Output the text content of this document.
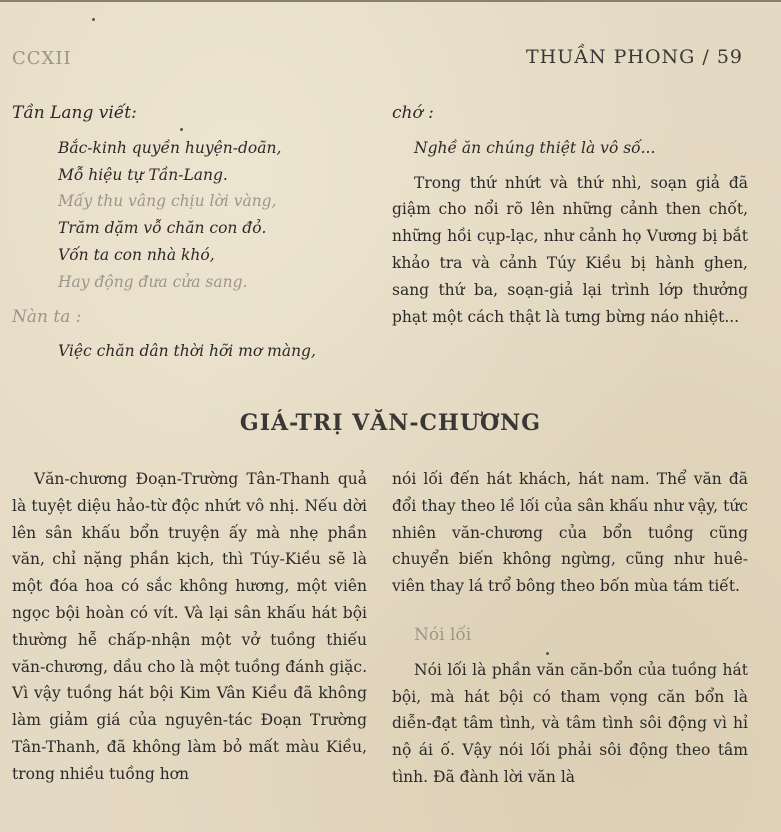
CCXII	THUẦN PHONG / 59

Tần Lang viết:

Bắc-kinh quyền huyện-doãn,

Mỗ hiệu tự Tần-Lang.

Mấy thu vâng chịu lời vàng,

Trăm dặm vỗ chăn con đỏ.

Vốn ta con nhà khó,

Hay động đưa cửa sang.

Nàn ta :

Việc chăn dân thời hỡi mơ màng,

chớ :

Nghề ăn chúng thiệt là vô số...

Trong thứ nhứt và thứ nhì, soạn giả đã giậm cho nổi rõ lên những cảnh then chốt, những hồi cụp-lạc, như cảnh họ Vương bị bắt khảo tra và cảnh Túy Kiều bị hành ghen, sang thứ ba, soạn-giả lại trình lớp thưởng phạt một cách thật là tưng bừng náo nhiệt...

GIÁ-TRỊ VĂN-CHƯƠNG

Văn-chương Đoạn-Trường Tân-Thanh quả là tuyệt diệu hảo-từ độc nhứt vô nhị. Nếu dời lên sân khấu bổn truyện ấy mà nhẹ phần văn, chỉ nặng phần kịch, thì Túy-Kiều sẽ là một đóa hoa có sắc không hương, một viên ngọc bội hoàn có vít. Và lại sân khấu hát bội thường hễ chấp-nhận một vở tuồng thiếu văn-chương, dầu cho là một tuồng đánh giặc. Vì vậy tuồng hát bội Kim Vân Kiều đã không làm giảm giá của nguyên-tác Đoạn Trường Tân-Thanh, đã không làm bỏ mất màu Kiều, trong nhiều tuồng hơn

nói lối đến hát khách, hát nam. Thể văn đã đổi thay theo lề lối của sân khấu như vậy, tức nhiên văn-chương của bổn tuồng cũng chuyển biến không ngừng, cũng như huê-viên thay lá trổ bông theo bốn mùa tám tiết.

Nói lối

Nói lối là phần văn căn-bổn của tuồng hát bội, mà hát bội có tham vọng căn bổn là diễn-đạt tâm tình, và tâm tình sôi động vì hỉ nộ ái ố. Vậy nói lối phải sôi động theo tâm tình. Đã đành lời văn là
